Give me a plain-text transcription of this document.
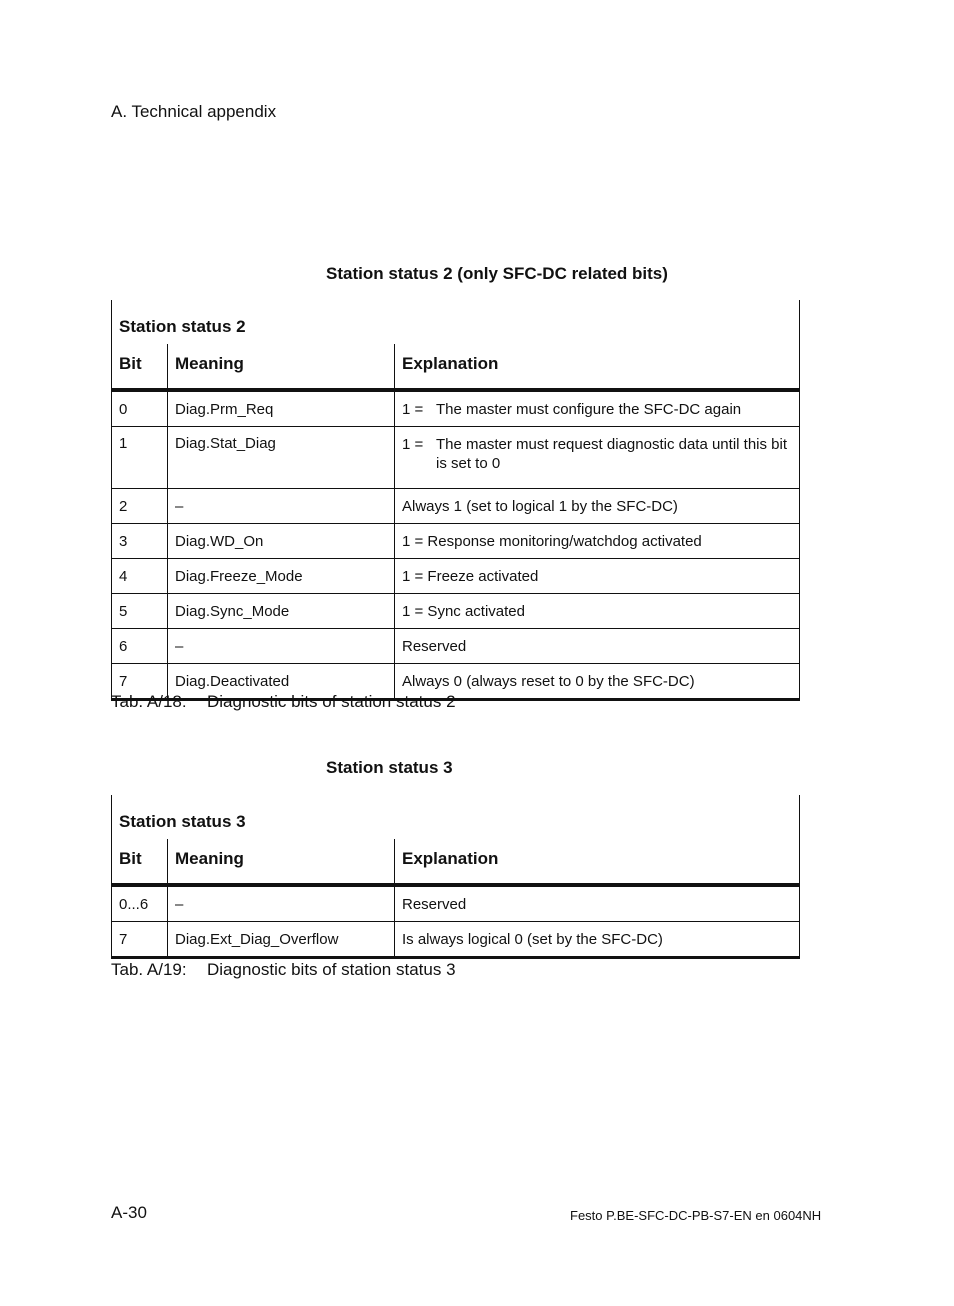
A. Technical appendix
Station status 2 (only SFC-DC related bits)
Station status 2		
Bit	Meaning	Explanation
0	Diag.Prm_Req	1 = The master must configure the SFC-DC again

1	Diag.Stat_Diag	1 = The master must request diagnostic data until this bit is set to 0

2	–	Always 1 (set to logical 1 by the SFC-DC)
3	Diag.WD_On	1 = Response monitoring/watchdog activated
4	Diag.Freeze_Mode	1 = Freeze activated
5	Diag.Sync_Mode	1 = Sync activated
6	–	Reserved
7	Diag.Deactivated	Always 0 (always reset to 0 by the SFC-DC)
Tab. A/18: Diagnostic bits of station status 2
Station status 3
Station status 3		
Bit	Meaning	Explanation
0...6	–	Reserved
7	Diag.Ext_Diag_Overflow	Is always logical 0 (set by the SFC-DC)
Tab. A/19: Diagnostic bits of station status 3
A-30	Festo P.BE-SFC-DC-PB-S7-EN en 0604NH
